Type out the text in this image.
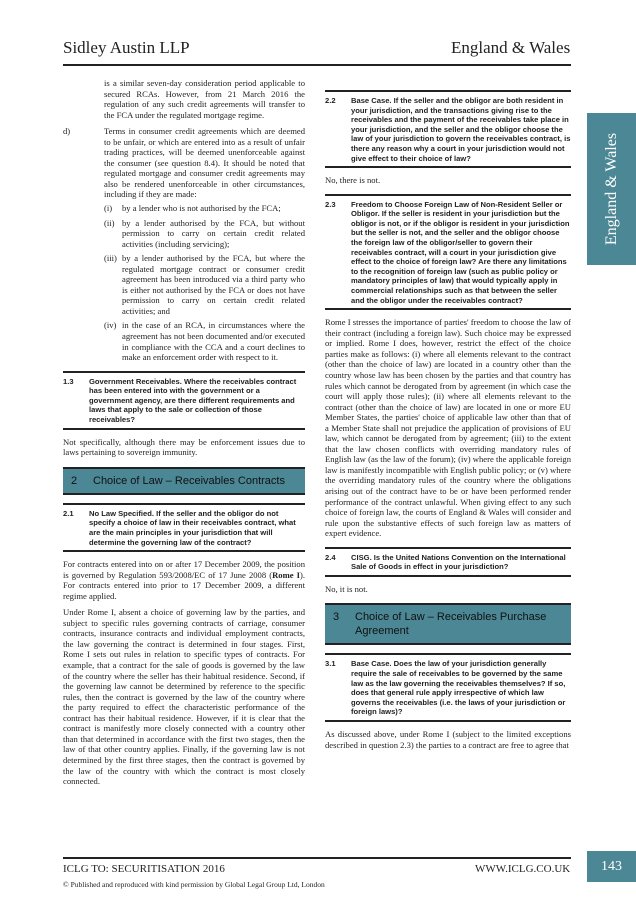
Sidley Austin LLP	England & Wales
England & Wales

is a similar seven-day consideration period applicable to secured RCAs. However, from 21 March 2016 the regulation of any such credit agreements will transfer to the FCA under the regulated mortgage regime.

d)	Terms in consumer credit agreements which are deemed to be unfair, or which are entered into as a result of unfair trading practices, will be deemed unenforceable against the consumer (see question 8.4). It should be noted that regulated mortgage and consumer credit agreements may also be rendered unenforceable in other circumstances, including if they are made:
(i)	by a lender who is not authorised by the FCA;
(ii) by a lender authorised by the FCA, but without permission to carry on certain credit related activities (including servicing);
(iii) by a lender authorised by the FCA, but where the regulated mortgage contract or consumer credit agreement has been introduced via a third party who is either not authorised by the FCA or does not have permission to carry on certain credit related activities; and
(iv) in the case of an RCA, in circumstances where the agreement has not been documented and/or executed in compliance with the CCA and a court declines to make an enforcement order with respect to it.
1.3	Government Receivables. Where the receivables contract has been entered into with the government or a government agency, are there different requirements and laws that apply to the sale or collection of those receivables?

Not specifically, although there may be enforcement issues due to laws pertaining to sovereign immunity.

2	Choice of Law – Receivables Contracts
2.1	No Law Specified. If the seller and the obligor do not specify a choice of law in their receivables contract, what are the main principles in your jurisdiction that will determine the governing law of the contract?

For contracts entered into on or after 17 December 2009, the position is governed by Regulation 593/2008/EC of 17 June 2008 (Rome I). For contracts entered into prior to 17 December 2009, a different regime applied.

Under Rome I, absent a choice of governing law by the parties, and subject to specific rules governing contracts of carriage, consumer contracts, insurance contracts and individual employment contracts, the law governing the contract is determined in four stages. First, Rome I sets out rules in relation to specific types of contracts. For example, that a contract for the sale of goods is governed by the law of the country where the seller has their habitual residence. Second, if the governing law cannot be determined by reference to the specific rules, then the contract is governed by the law of the country where the party required to effect the characteristic performance of the contract has their habitual residence. However, if it is clear that the contract is manifestly more closely connected with a country other than that determined in accordance with the first two stages, then the law of that other country applies. Finally, if the governing law is not determined by the first three stages, then the contract is governed by the law of the country with which the contract is most closely connected.

2.2	Base Case. If the seller and the obligor are both resident in your jurisdiction, and the transactions giving rise to the receivables and the payment of the receivables take place in your jurisdiction, and the seller and the obligor choose the law of your jurisdiction to govern the receivables contract, is there any reason why a court in your jurisdiction would not give effect to their choice of law?

No, there is not.

2.3	Freedom to Choose Foreign Law of Non-Resident Seller or Obligor. If the seller is resident in your jurisdiction but the obligor is not, or if the obligor is resident in your jurisdiction but the seller is not, and the seller and the obligor choose the foreign law of the obligor/seller to govern their receivables contract, will a court in your jurisdiction give effect to the choice of foreign law? Are there any limitations to the recognition of foreign law (such as public policy or mandatory principles of law) that would typically apply in commercial relationships such as that between the seller and the obligor under the receivables contract?

Rome I stresses the importance of parties' freedom to choose the law of their contract (including a foreign law). Such choice may be expressed or implied. Rome I does, however, restrict the effect of the choice parties make as follows: (i) where all elements relevant to the contract (other than the choice of law) are located in a country other than the country whose law has been chosen by the parties and that country has rules which cannot be derogated from by agreement (in which case the court will apply those rules); (ii) where all elements relevant to the contract (other than the choice of law) are located in one or more EU Member States, the parties' choice of applicable law other than that of a Member State shall not prejudice the application of provisions of EU law, which cannot be derogated from by agreement; (iii) to the extent that the law chosen conflicts with overriding mandatory rules of English law (as the law of the forum); (iv) where the applicable foreign law is manifestly incompatible with English public policy; or (v) where the overriding mandatory rules of the country where the obligations arising out of the contract have to be or have been performed render performance of the contract unlawful. When giving effect to any such choice of foreign law, the courts of England & Wales will consider and rule upon the substantive effects of such foreign law as matters of expert evidence.

2.4	CISG. Is the United Nations Convention on the International Sale of Goods in effect in your jurisdiction?

No, it is not.

3	Choice of Law – Receivables Purchase Agreement
3.1	Base Case. Does the law of your jurisdiction generally require the sale of receivables to be governed by the same law as the law governing the receivables themselves? If so, does that general rule apply irrespective of which law governs the receivables (i.e. the laws of your jurisdiction or foreign laws)?

As discussed above, under Rome I (subject to the limited exceptions described in question 2.3) the parties to a contract are free to agree that

ICLG TO: SECURITISATION 2016	WWW.ICLG.CO.UK
© Published and reproduced with kind permission by Global Legal Group Ltd, London
143
